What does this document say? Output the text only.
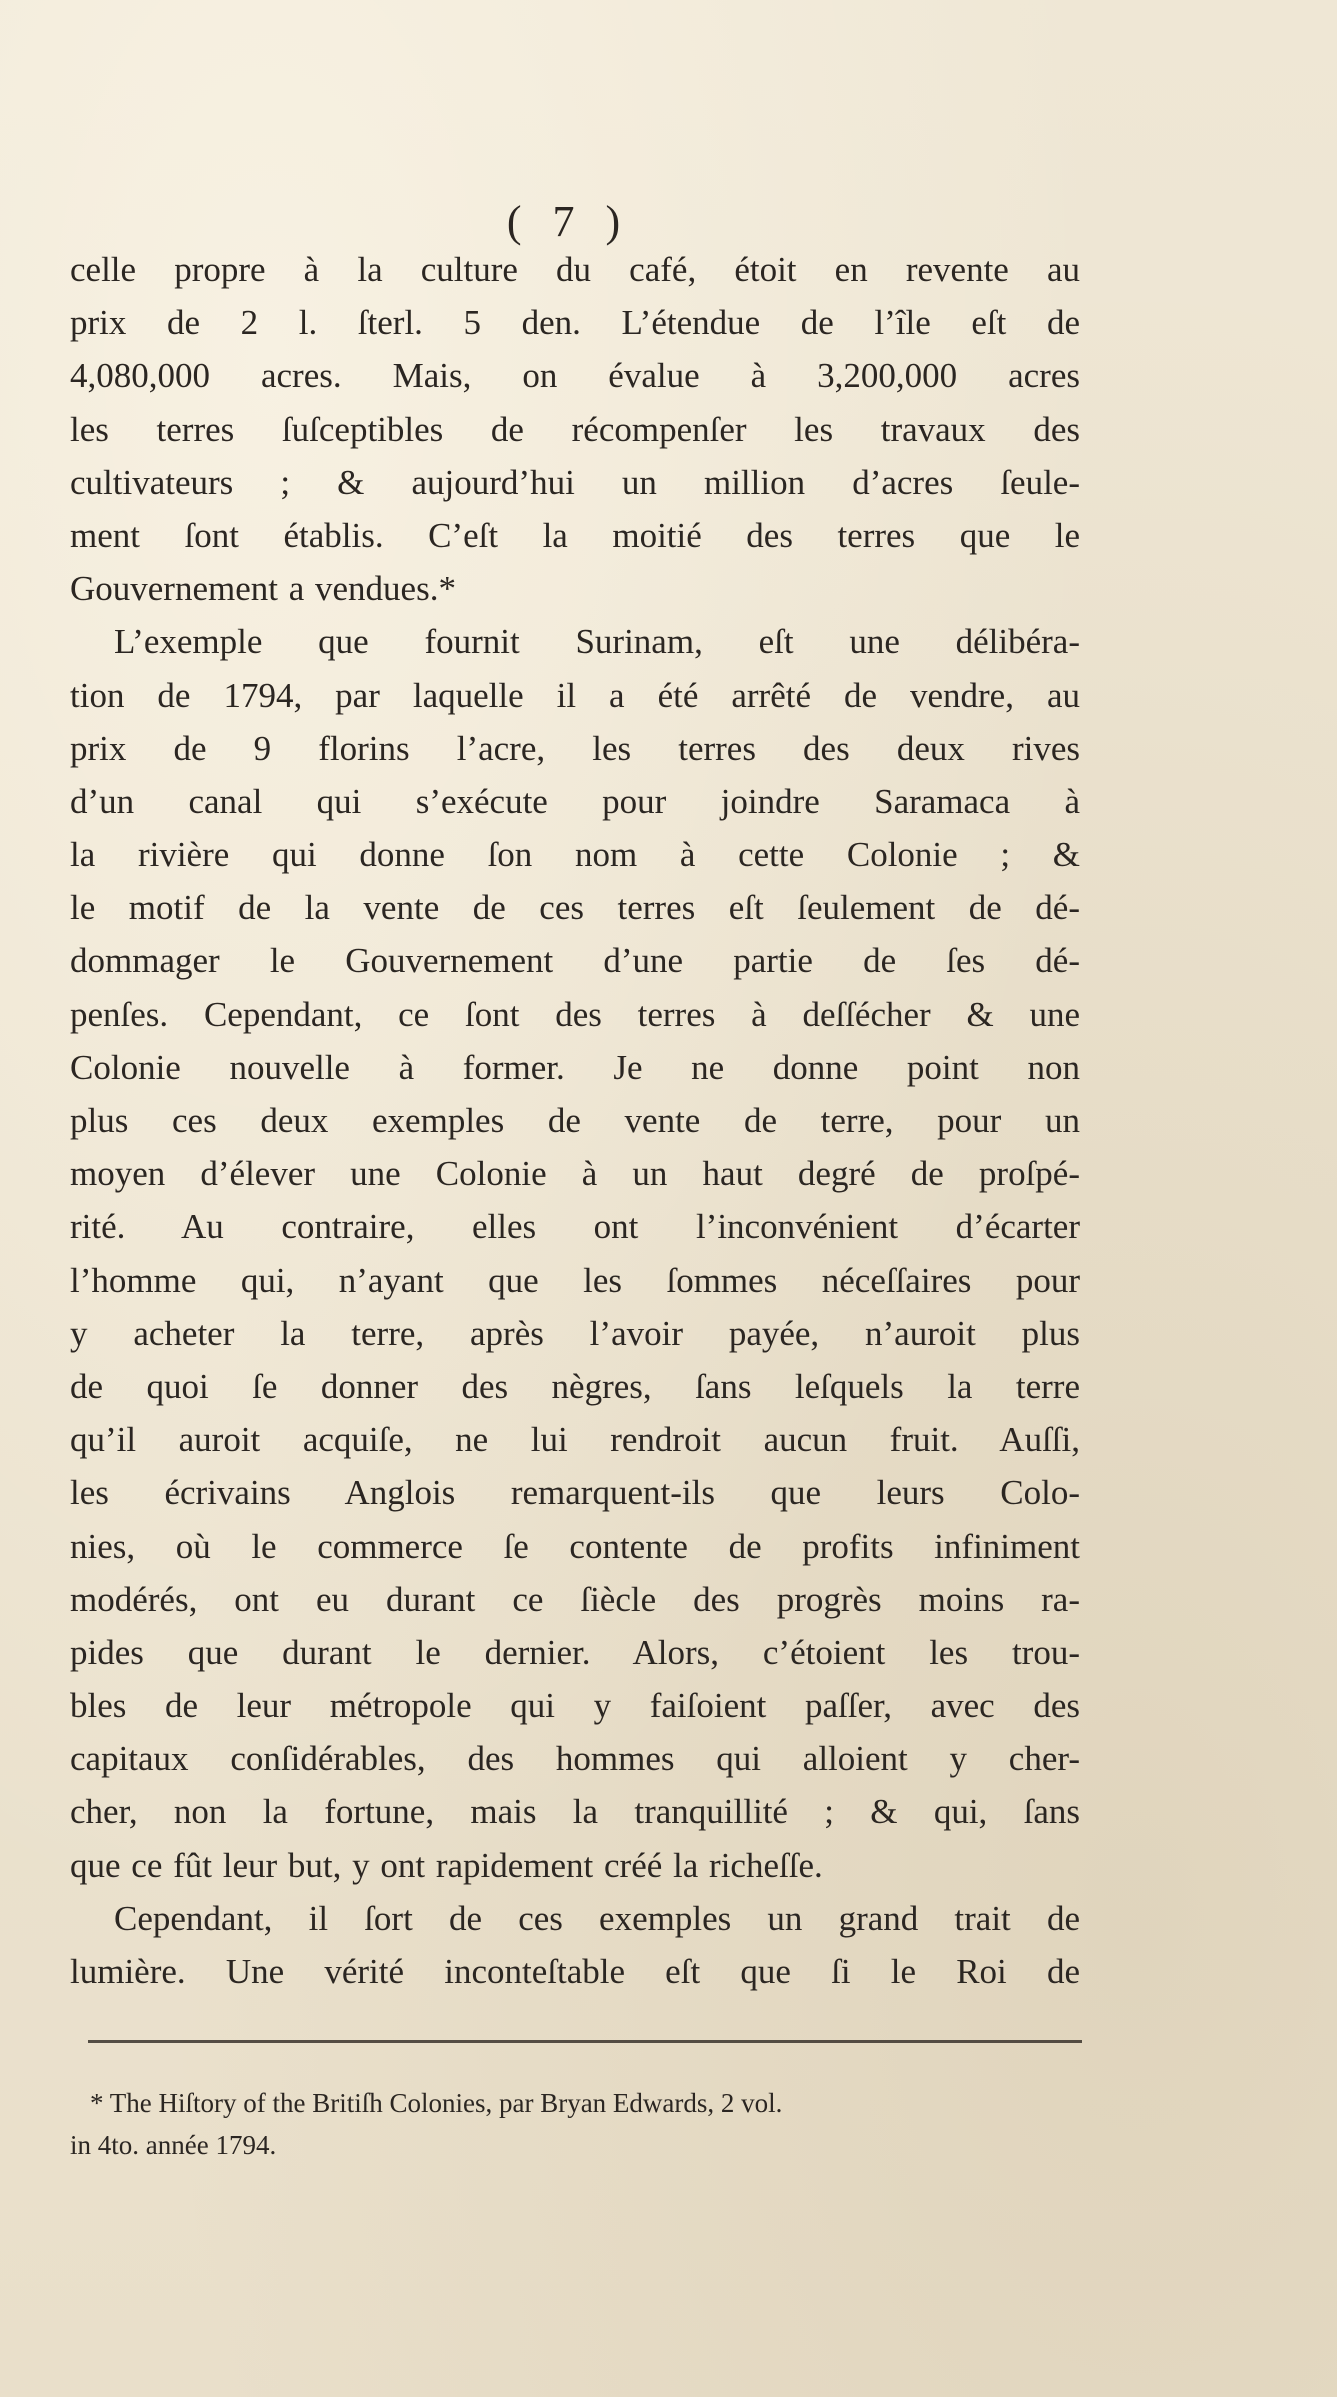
( 7 )
celle propre à la culture du café, étoit en revente au
prix de 2 l. ſterl. 5 den. L’étendue de l’île eſt de
4,080,000 acres. Mais, on évalue à 3,200,000 acres
les terres ſuſceptibles de récompenſer les travaux des
cultivateurs ; & aujourd’hui un million d’acres ſeule-
ment ſont établis. C’eſt la moitié des terres que le
Gouvernement a vendues.*
L’exemple que fournit Surinam, eſt une délibéra-
tion de 1794, par laquelle il a été arrêté de vendre, au
prix de 9 florins l’acre, les terres des deux rives
d’un canal qui s’exécute pour joindre Saramaca à
la rivière qui donne ſon nom à cette Colonie ; &
le motif de la vente de ces terres eſt ſeulement de dé-
dommager le Gouvernement d’une partie de ſes dé-
penſes. Cependant, ce ſont des terres à deſſécher & une
Colonie nouvelle à former. Je ne donne point non
plus ces deux exemples de vente de terre, pour un
moyen d’élever une Colonie à un haut degré de proſpé-
rité. Au contraire, elles ont l’inconvénient d’écarter
l’homme qui, n’ayant que les ſommes néceſſaires pour
y acheter la terre, après l’avoir payée, n’auroit plus
de quoi ſe donner des nègres, ſans leſquels la terre
qu’il auroit acquiſe, ne lui rendroit aucun fruit. Auſſi,
les écrivains Anglois remarquent-ils que leurs Colo-
nies, où le commerce ſe contente de profits infiniment
modérés, ont eu durant ce ſiècle des progrès moins ra-
pides que durant le dernier. Alors, c’étoient les trou-
bles de leur métropole qui y faiſoient paſſer, avec des
capitaux conſidérables, des hommes qui alloient y cher-
cher, non la fortune, mais la tranquillité ; & qui, ſans
que ce fût leur but, y ont rapidement créé la richeſſe.
Cependant, il ſort de ces exemples un grand trait de
lumière. Une vérité inconteſtable eſt que ſi le Roi de
* The Hiſtory of the Britiſh Colonies, par Bryan Edwards, 2 vol.
in 4to. année 1794.
